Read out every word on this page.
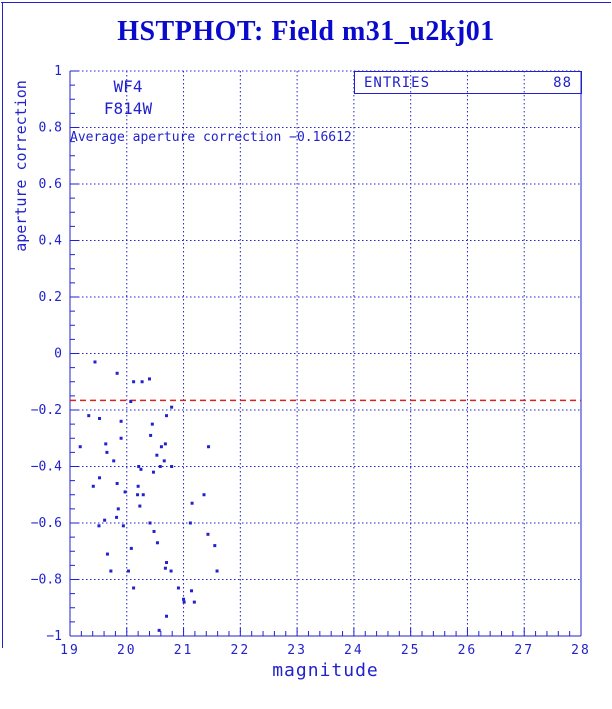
HSTPHOT: Field m31_u2kj01
19	20	21	22	23	24	25	26	27	28
1
0.8
0.6
0.4
0.2
0
−0.2
−0.4
−0.6
−0.8
−1
magnitude
aperture correction	WF4
F814W
Average aperture correction −0.16612
ENTRIES	88
